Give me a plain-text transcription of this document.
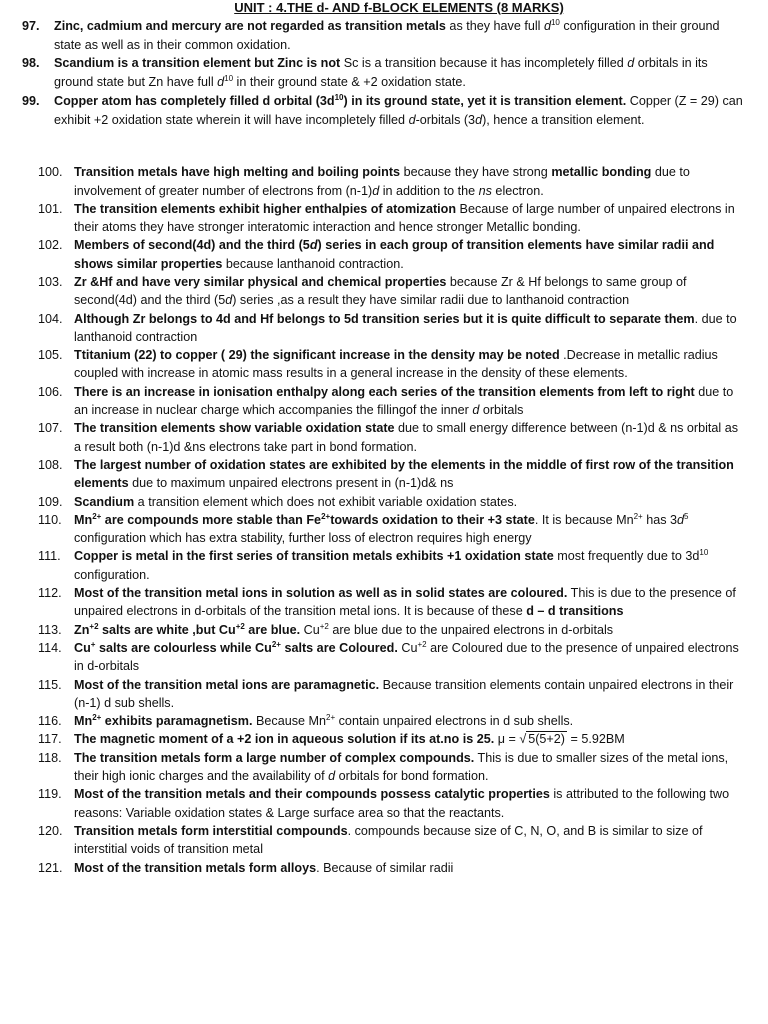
UNIT : 4.THE d- AND f-BLOCK ELEMENTS (8 MARKS)
97.	Zinc, cadmium and mercury are not regarded as transition metals as they have full $d^{10}$ configuration in their ground state as well as in their common oxidation.
98.	Scandium is a transition element but Zinc is not Sc is a transition because it has incompletely filled d orbitals in its ground state but Zn have full $d^{10}$ in their ground state & +2 oxidation state.
99.	Copper atom has completely filled d orbital $(3d^{10})$ in its ground state, yet it is transition element. Copper (Z = 29) can exhibit +2 oxidation state wherein it will have incompletely filled d-orbitals (3d), hence a transition element.
100. Transition metals have high melting and boiling points because they have strong metallic bonding due to involvement of greater number of electrons from (n-1)d in addition to the ns electron.
101. The transition elements exhibit higher enthalpies of atomization Because of large number of unpaired electrons in their atoms they have stronger interatomic interaction and hence stronger Metallic bonding.
102. Members of second(4d) and the third (5d) series in each group of transition elements have similar radii and shows similar properties because lanthanoid contraction.
103. Zr &Hf and have very similar physical and chemical properties because Zr & Hf belongs to same group of second(4d) and the third (5d) series ,as a result they have similar radii due to lanthanoid contraction
104. Although Zr belongs to 4d and Hf belongs to 5d transition series but it is quite difficult to separate them. due to lanthanoid contraction
105. Ttitanium (22) to copper ( 29) the significant increase in the density may be noted .Decrease in metallic radius coupled with increase in atomic mass results in a general increase in the density of these elements.
106. There is an increase in ionisation enthalpy along each series of the transition elements from left to right due to an increase in nuclear charge which accompanies the fillingof the inner d orbitals
107. The transition elements show variable oxidation state due to small energy difference between (n-1)d & ns orbital as a result both (n-1)d &ns electrons take part in bond formation.
108. The largest number of oxidation states are exhibited by the elements in the middle of first row of the transition elements due to maximum unpaired electrons present in (n-1)d& ns
109. Scandium a transition element which does not exhibit variable oxidation states.
110. $Mn^{2+}$ are compounds more stable than $Fe^{2+}towards$ oxidation to their +3 state. It is because $Mn^{2+}$ has $3d^5$ configuration which has extra stability, further loss of electron requires high energy
111.	Copper is metal in the first series of transition metals exhibits +1 oxidation state most frequently due to $3d^{10}$ configuration.
112. Most of the transition metal ions in solution as well as in solid states are coloured. This is due to the presence of unpaired electrons in d-orbitals of the transition metal ions. It is because of these d – d transitions
113. $Zn^{+2}$ salts are white ,but $Cu^{+2}$ are blue. $Cu^{+2}$ are blue due to the unpaired electrons in d-orbitals
114. Cu+ salts are colourless while $Cu^{2+}$ salts are Coloured. $Cu^{+2}$ are Coloured due to the presence of unpaired electrons in d-orbitals
115. Most of the transition metal ions are paramagnetic. Because transition elements contain unpaired electrons in their (n-1) d sub shells.
116. $Mn^{2+}$ exhibits paramagnetism. Because $Mn^{2+}$ contain unpaired electrons in d sub shells.
117. The magnetic moment of a +2 ion in aqueous solution if its at.no is 25. μ = √ 5(5+2) = 5.92BM
118. The transition metals form a large number of complex compounds. This is due to smaller sizes of the metal ions, their high ionic charges and the availability of d orbitals for bond formation.
119. Most of the transition metals and their compounds possess catalytic properties is attributed to the following two reasons: Variable oxidation states & Large surface area so that the reactants.
120. Transition metals form interstitial compounds. compounds because size of C, N, O, and B is similar to size of interstitial voids of transition metal
121. Most of the transition metals form alloys. Because of similar radii
